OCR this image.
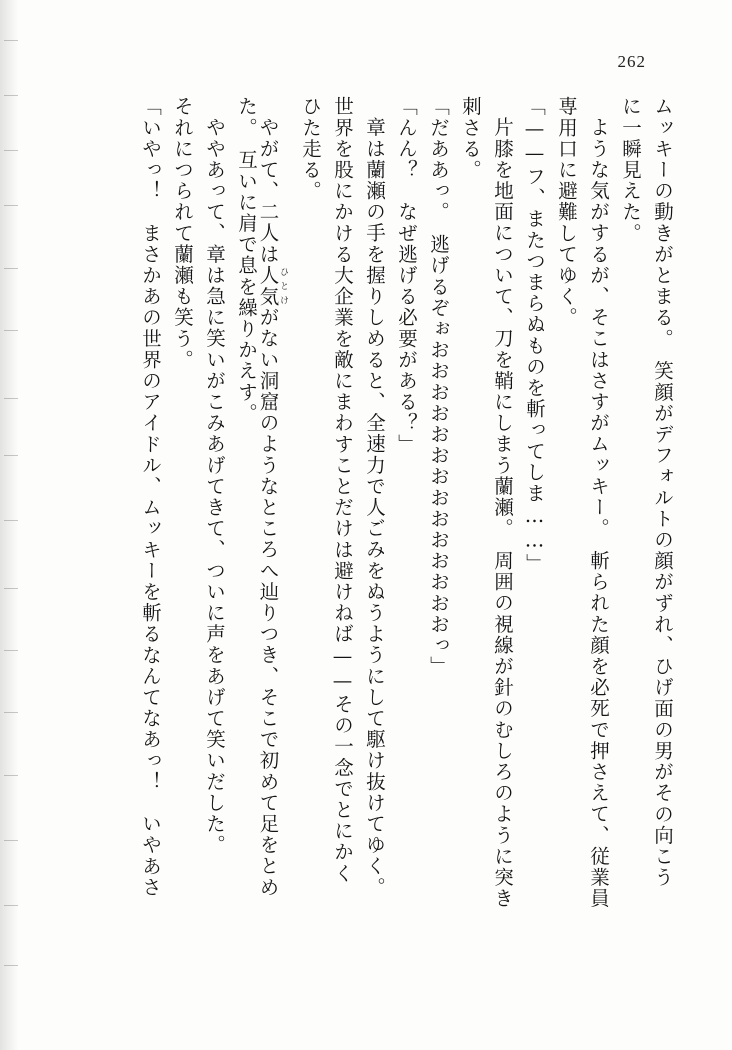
262
ムッキーの動きがとまる。　笑顔がデフォルトの顔がずれ、ひげ面の男がその向こう
に一瞬見えた。
ような気がするが、そこはさすがムッキー。　斬られた顔を必死で押さえて、従業員
専用口に避難してゆく。
「——フ、またつまらぬものを斬ってしま……」
片膝を地面について、刀を鞘にしまう蘭瀬。　周囲の視線が針のむしろのように突き
刺さる。
「だああっ。　逃げるぞぉおおおおおおおおおおおおおおっ」
「んん？　なぜ逃げる必要がある？」
章は蘭瀬の手を握りしめると、全速力で人ごみをぬうようにして駆け抜けてゆく。
世界を股にかける大企業を敵にまわすことだけは避けねば——その一念でとにかく
ひた走る。
やがて、二人は人気ひとけがない洞窟のようなところへ辿りつき、そこで初めて足をとめ
た。　互いに肩で息を繰りかえす。
ややあって、章は急に笑いがこみあげてきて、ついに声をあげて笑いだした。
それにつられて蘭瀬も笑う。
「いやっ！　まさかあの世界のアイドル、ムッキーを斬るなんてなあっ！　いやあさ
